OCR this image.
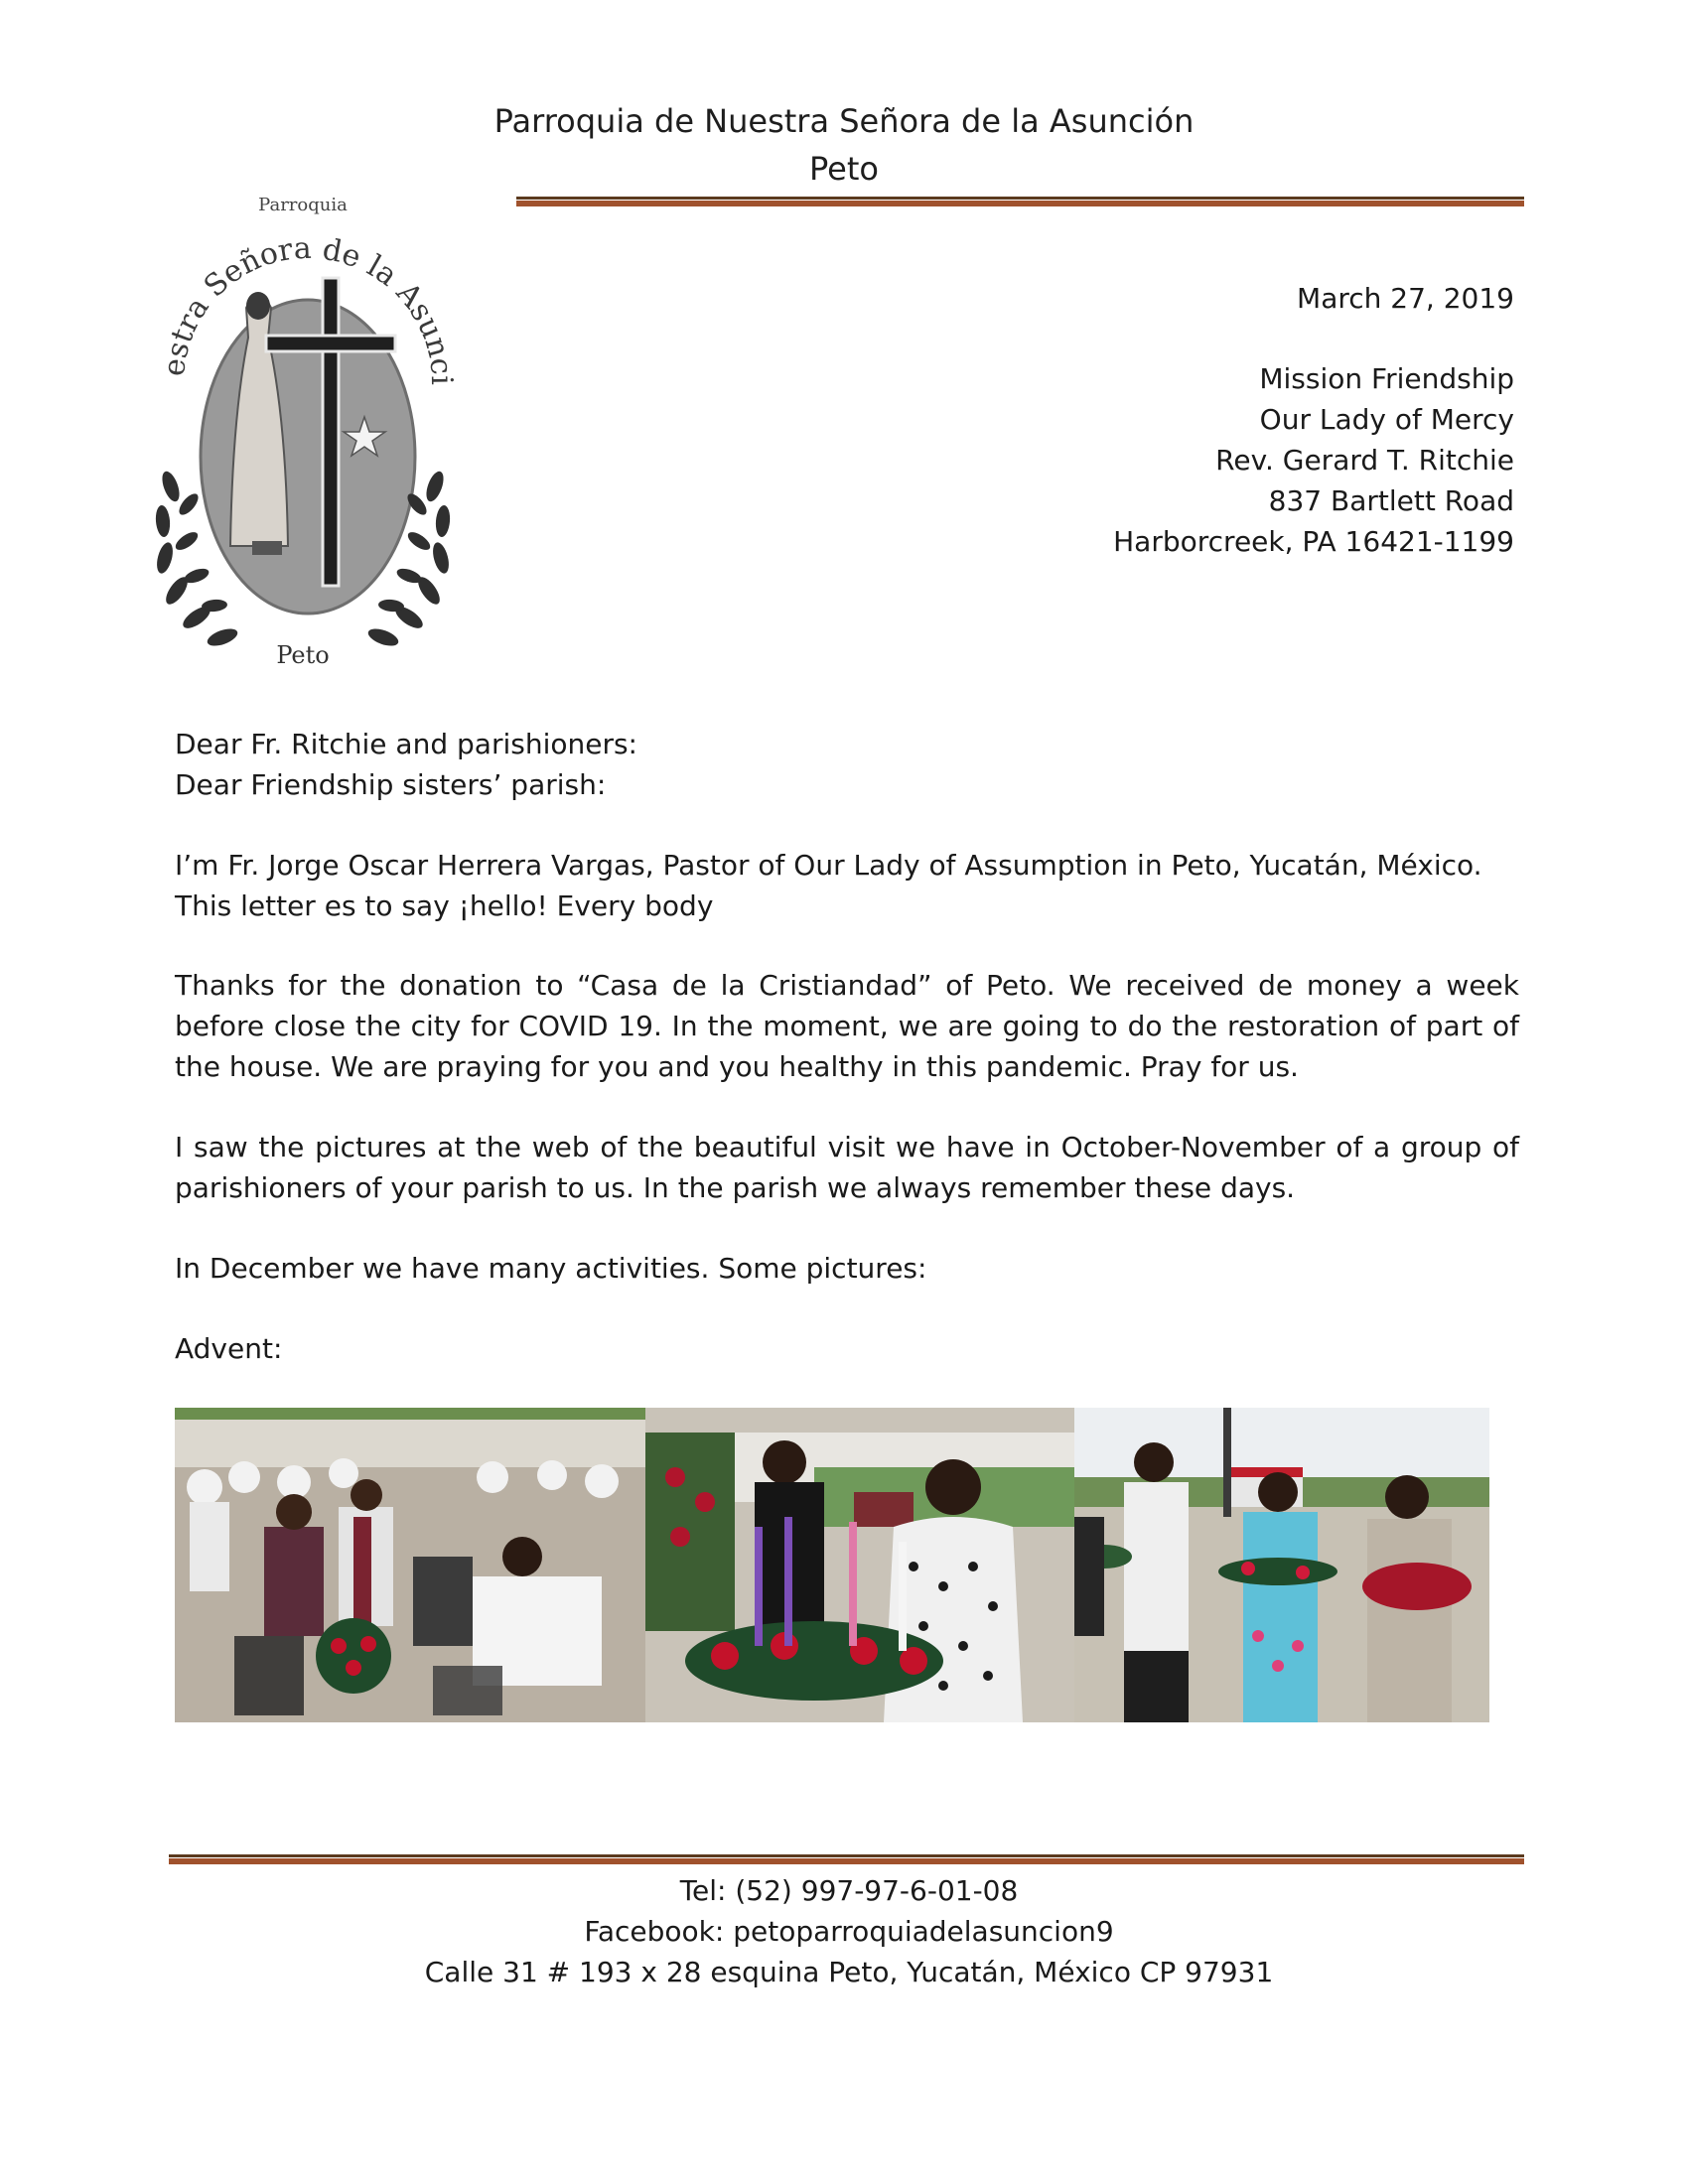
Parroquia de Nuestra Señora de la Asunción
Peto
Parroquia
estra Señora de la Asunci
Peto
March 27, 2019
Mission Friendship
Our Lady of Mercy
Rev. Gerard T. Ritchie
837 Bartlett Road
Harborcreek, PA 16421-1199
Dear Fr. Ritchie and parishioners:
Dear Friendship sisters’ parish:
I’m Fr. Jorge Oscar Herrera Vargas, Pastor of Our Lady of Assumption in Peto, Yucatán, México.
This letter es to say ¡hello! Every body
Thanks for the donation to “Casa de la Cristiandad” of Peto. We received de money a week before close the city for COVID 19. In the moment, we are going to do the restoration of part of the house. We are praying for you and you healthy in this pandemic. Pray for us.
I saw the pictures at the web of the beautiful visit we have in October-November of a group of parishioners of your parish to us. In the parish we always remember these days.
In December we have many activities. Some pictures:
Advent:
Tel: (52) 997-97-6-01-08
Facebook: petoparroquiadelasuncion9
Calle 31 # 193 x 28 esquina Peto, Yucatán, México CP 97931
